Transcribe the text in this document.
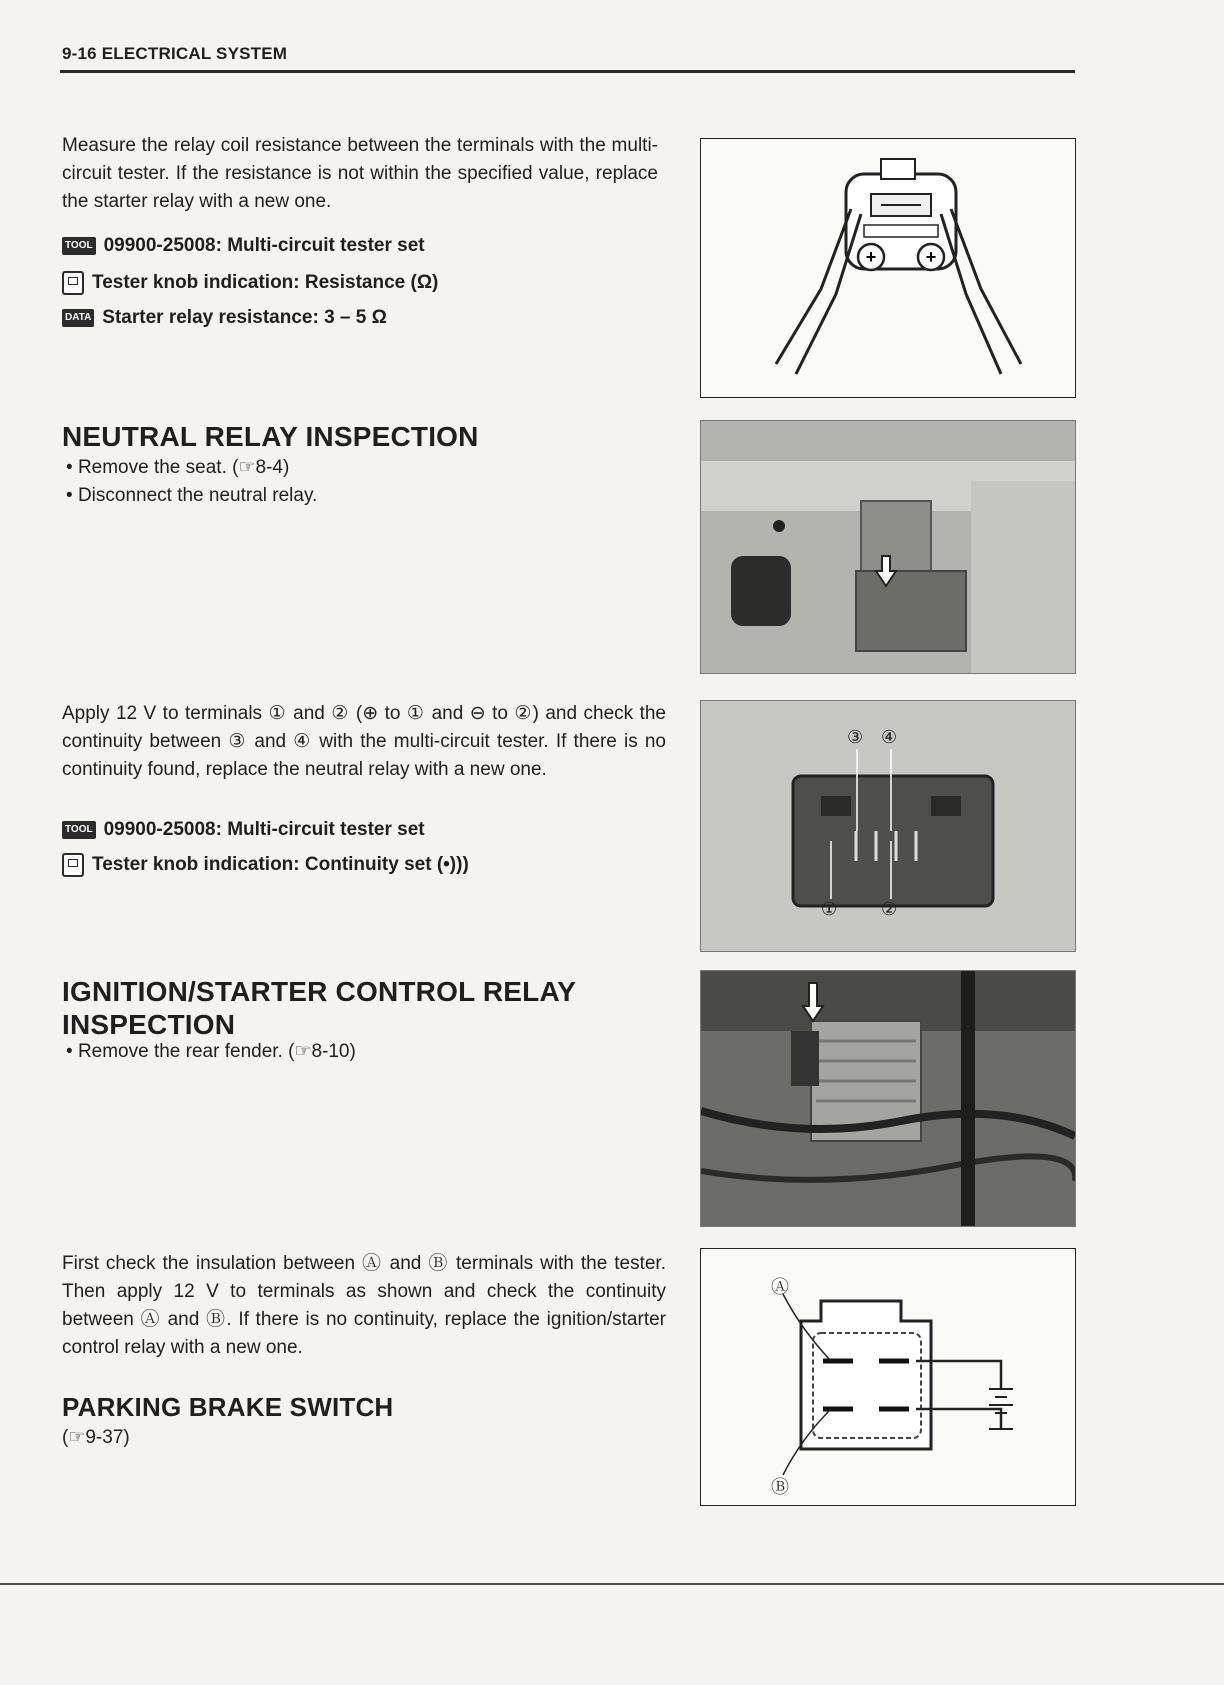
9-16 ELECTRICAL SYSTEM
Measure the relay coil resistance between the terminals with the multi-circuit tester. If the resistance is not within the specified value, replace the starter relay with a new one.
TOOL 09900-25008: Multi-circuit tester set
Tester knob indication: Resistance (Ω)
DATA Starter relay resistance: 3 – 5 Ω
+	+
NEUTRAL RELAY INSPECTION
• Remove the seat. (☞8-4)
• Disconnect the neutral relay.
Apply 12 V to terminals ① and ② (⊕ to ① and ⊖ to ②) and check the continuity between ③ and ④ with the multi-circuit tester. If there is no continuity found, replace the neutral relay with a new one.
TOOL 09900-25008: Multi-circuit tester set
Tester knob indication: Continuity set (•)))
③ ④
① ②
IGNITION/STARTER CONTROL RELAY
INSPECTION
• Remove the rear fender. (☞8-10)
First check the insulation between Ⓐ and Ⓑ terminals with the tester. Then apply 12 V to terminals as shown and check the continuity between Ⓐ and Ⓑ. If there is no continuity, replace the ignition/starter control relay with a new one.
Ⓐ
Ⓑ
PARKING BRAKE SWITCH
(☞9-37)
